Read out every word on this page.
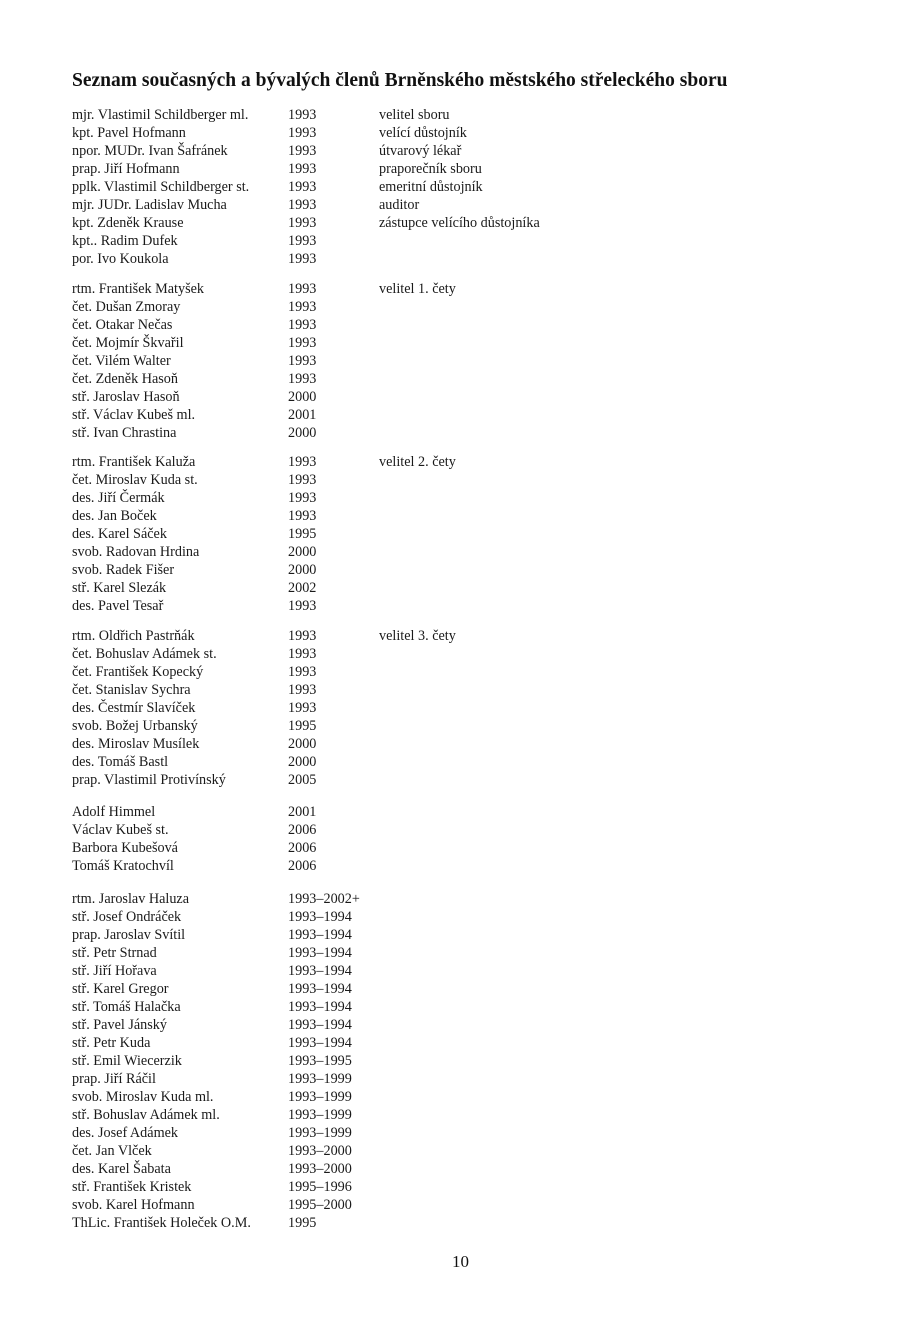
Seznam současných a bývalých členů Brněnského městského střeleckého sboru
mjr. Vlastimil Schildberger ml.	1993	velitel sboru
kpt. Pavel Hofmann	1993	velící důstojník
npor. MUDr. Ivan Šafránek	1993	útvarový lékař
prap. Jiří Hofmann	1993	praporečník sboru
pplk. Vlastimil Schildberger st.	1993	emeritní důstojník
mjr. JUDr. Ladislav Mucha	1993	auditor
kpt. Zdeněk Krause	1993	zástupce velícího důstojníka
kpt.. Radim Dufek	1993
por. Ivo Koukola	1993
rtm. František Matyšek	1993	velitel 1. čety
čet. Dušan Zmoray	1993
čet. Otakar Nečas	1993
čet. Mojmír Škvařil	1993
čet. Vilém Walter	1993
čet. Zdeněk Hasoň	1993
stř. Jaroslav Hasoň	2000
stř. Václav Kubeš ml.	2001
stř. Ivan Chrastina	2000
rtm. František Kaluža	1993	velitel 2. čety
čet. Miroslav Kuda st.	1993
des. Jiří Čermák	1993
des. Jan Boček	1993
des. Karel Sáček	1995
svob. Radovan Hrdina	2000
svob. Radek Fišer	2000
stř. Karel Slezák	2002
des. Pavel Tesař	1993
rtm. Oldřich Pastrňák	1993	velitel 3. čety
čet. Bohuslav Adámek st.	1993
čet. František Kopecký	1993
čet. Stanislav Sychra	1993
des. Čestmír Slavíček	1993
svob. Božej Urbanský	1995
des. Miroslav Musílek	2000
des. Tomáš Bastl	2000
prap. Vlastimil Protivínský	2005
Adolf Himmel	2001
Václav Kubeš st.	2006
Barbora Kubešová	2006
Tomáš Kratochvíl	2006
rtm. Jaroslav Haluza	1993–2002+
stř. Josef Ondráček	1993–1994
prap. Jaroslav Svítil	1993–1994
stř. Petr Strnad	1993–1994
stř. Jiří Hořava	1993–1994
stř. Karel Gregor	1993–1994
stř. Tomáš Halačka	1993–1994
stř. Pavel Jánský	1993–1994
stř. Petr Kuda	1993–1994
stř. Emil Wiecerzik	1993–1995
prap. Jiří Ráčil	1993–1999
svob. Miroslav Kuda ml.	1993–1999
stř. Bohuslav Adámek ml.	1993–1999
des. Josef Adámek	1993–1999
čet. Jan Vlček	1993–2000
des. Karel Šabata	1993–2000
stř. František Kristek	1995–1996
svob. Karel Hofmann	1995–2000
ThLic. František Holeček O.M.	1995
10
